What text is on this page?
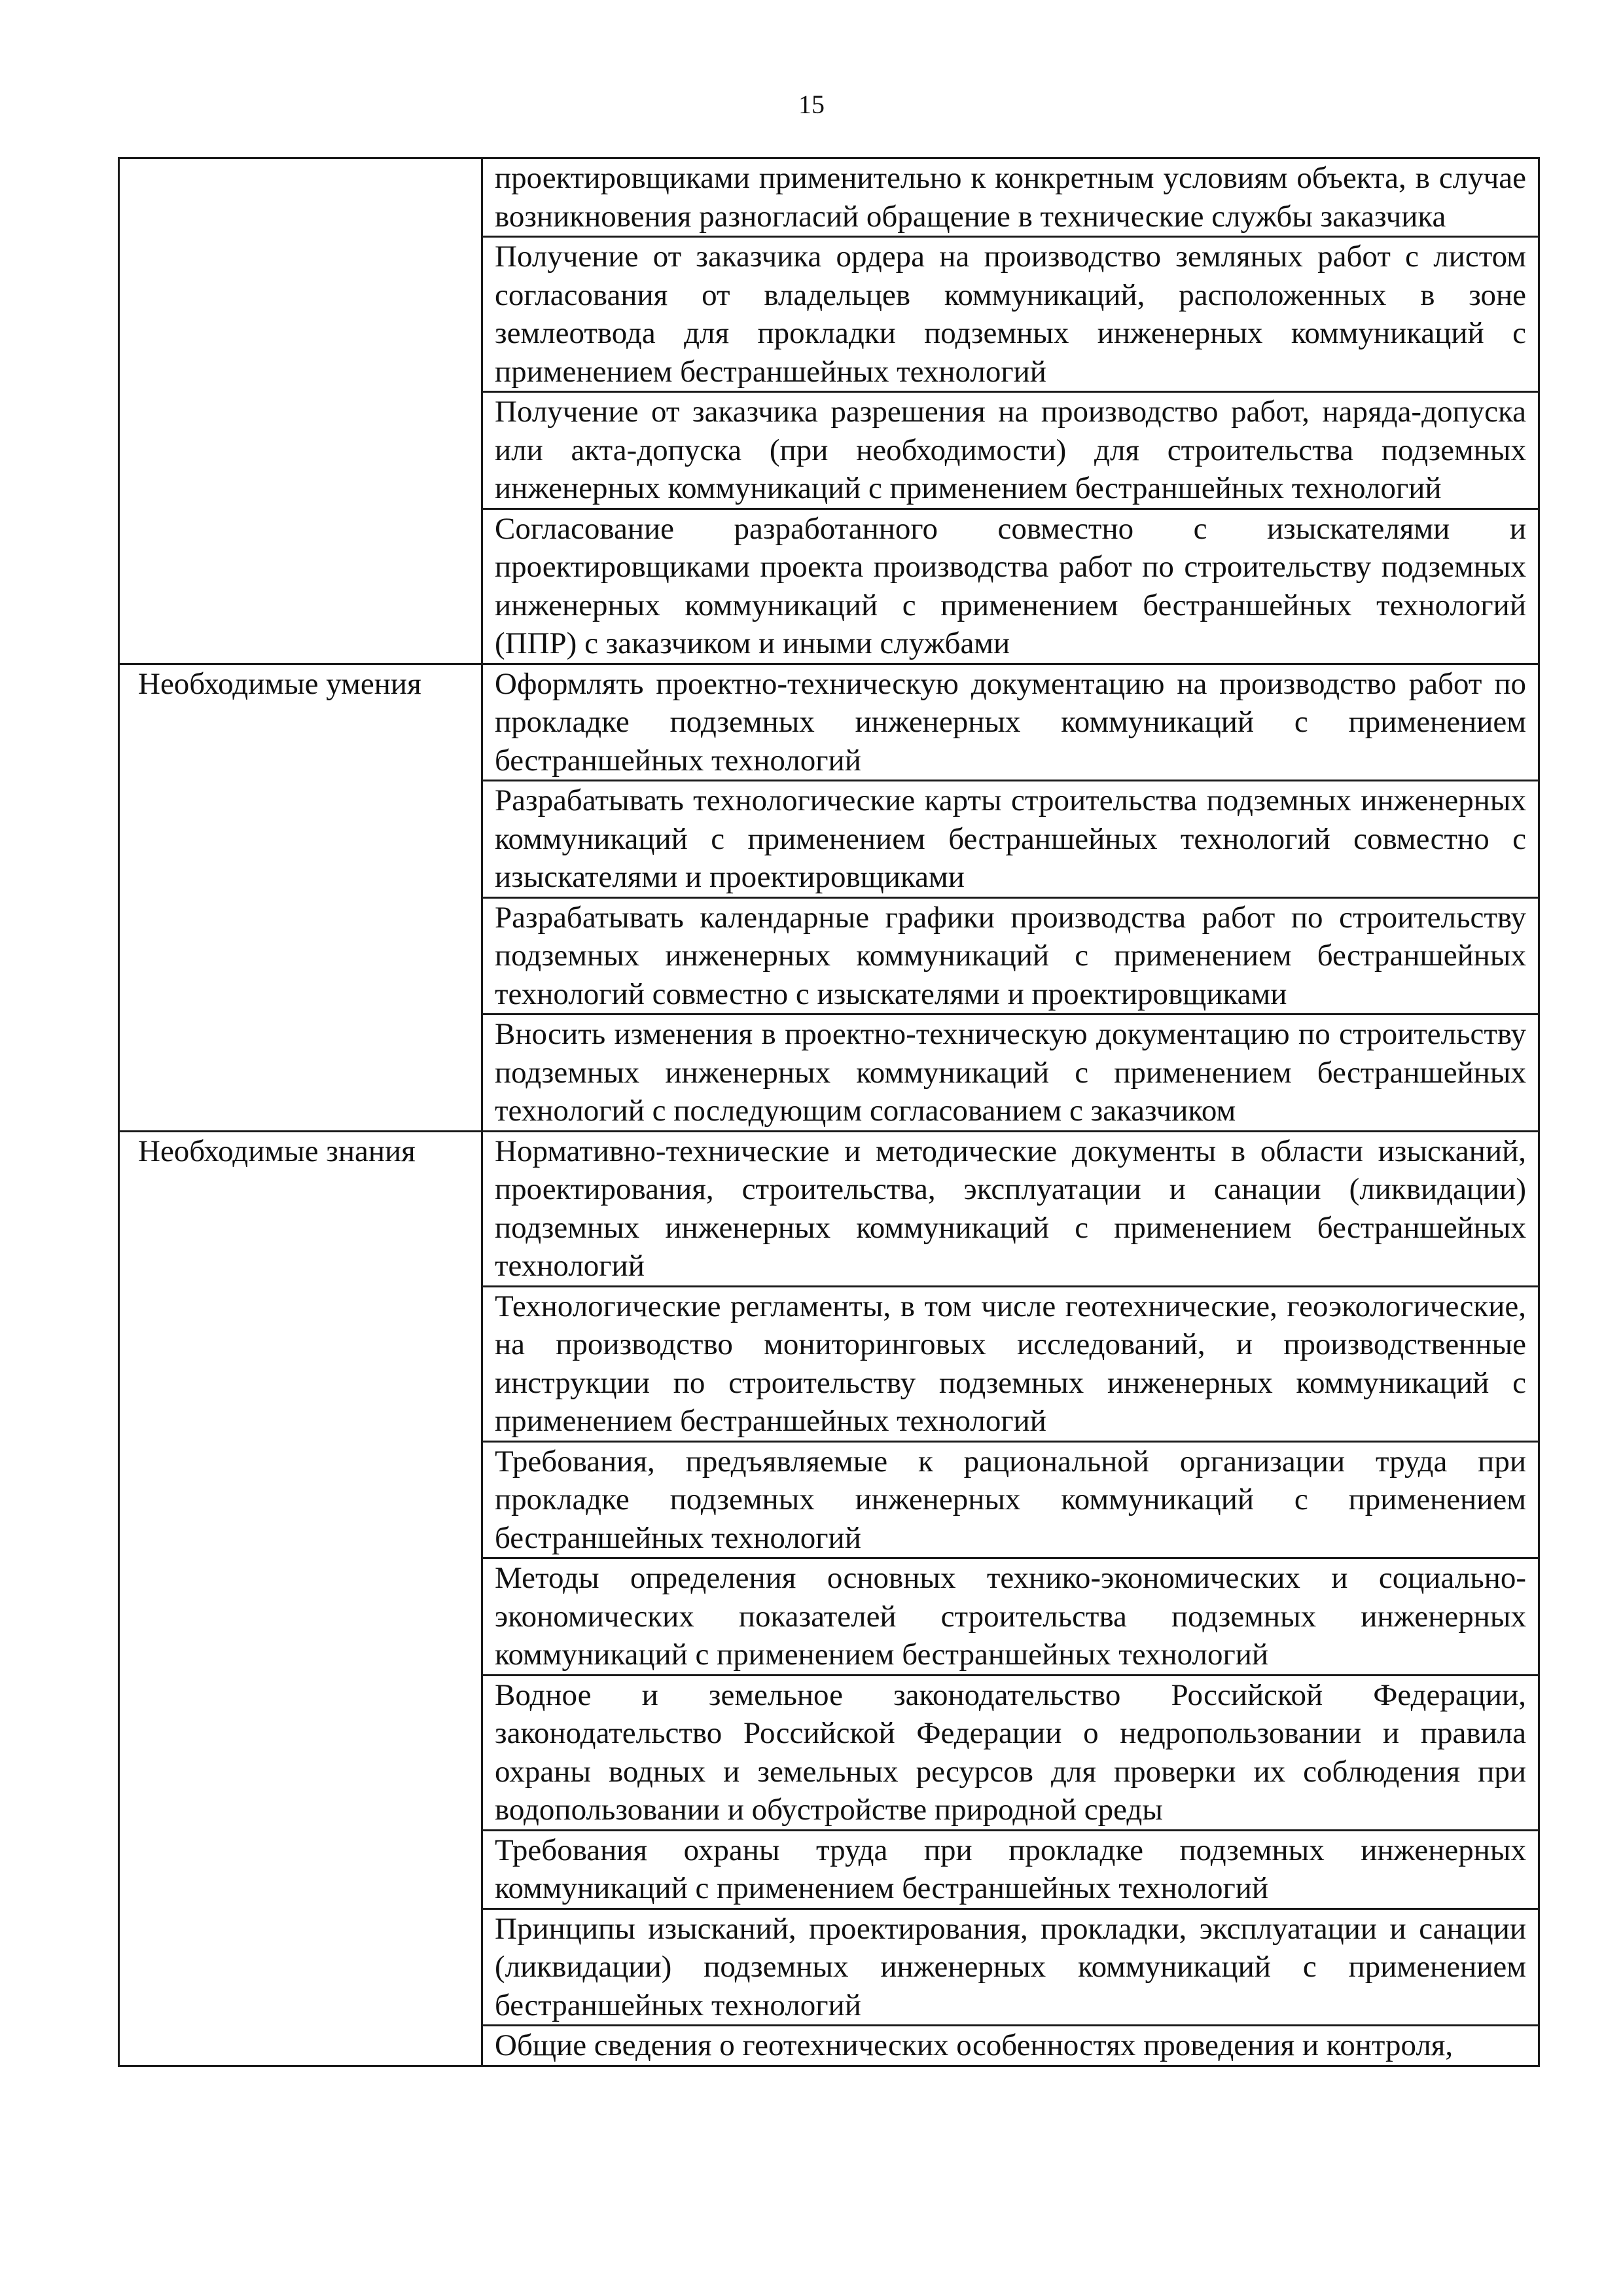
15
	проектировщиками применительно к конкретным условиям объекта, в случае возникновения разногласий обращение в технические службы заказчика
	Получение от заказчика ордера на производство земляных работ с листом согласования от владельцев коммуникаций, расположенных в зоне землеотвода для прокладки подземных инженерных коммуникаций с применением бестраншейных технологий
	Получение от заказчика разрешения на производство работ, наряда-допуска или акта-допуска (при необходимости) для строительства подземных инженерных коммуникаций с применением бестраншейных технологий
	Согласование разработанного совместно с изыскателями и проектировщиками проекта производства работ по строительству подземных инженерных коммуникаций с применением бестраншейных технологий (ППР) с заказчиком и иными службами
Необходимые умения	Оформлять проектно-техническую документацию на производство работ по прокладке подземных инженерных коммуникаций с применением бестраншейных технологий
	Разрабатывать технологические карты строительства подземных инженерных коммуникаций с применением бестраншейных технологий совместно с изыскателями и проектировщиками
	Разрабатывать календарные графики производства работ по строительству подземных инженерных коммуникаций с применением бестраншейных технологий совместно с изыскателями и проектировщиками
	Вносить изменения в проектно-техническую документацию по строительству подземных инженерных коммуникаций с применением бестраншейных технологий с последующим согласованием с заказчиком
Необходимые знания	Нормативно-технические и методические документы в области изысканий, проектирования, строительства, эксплуатации и санации (ликвидации) подземных инженерных коммуникаций с применением бестраншейных технологий
	Технологические регламенты, в том числе геотехнические, геоэкологические, на производство мониторинговых исследований, и производственные инструкции по строительству подземных инженерных коммуникаций с применением бестраншейных технологий
	Требования, предъявляемые к рациональной организации труда при прокладке подземных инженерных коммуникаций с применением бестраншейных технологий
	Методы определения основных технико-экономических и социально-экономических показателей строительства подземных инженерных коммуникаций с применением бестраншейных технологий
	Водное и земельное законодательство Российской Федерации, законодательство Российской Федерации о недропользовании и правила охраны водных и земельных ресурсов для проверки их соблюдения при водопользовании и обустройстве природной среды
	Требования охраны труда при прокладке подземных инженерных коммуникаций с применением бестраншейных технологий
	Принципы изысканий, проектирования, прокладки, эксплуатации и санации (ликвидации) подземных инженерных коммуникаций с применением бестраншейных технологий
	Общие сведения о геотехнических особенностях проведения и контроля,
